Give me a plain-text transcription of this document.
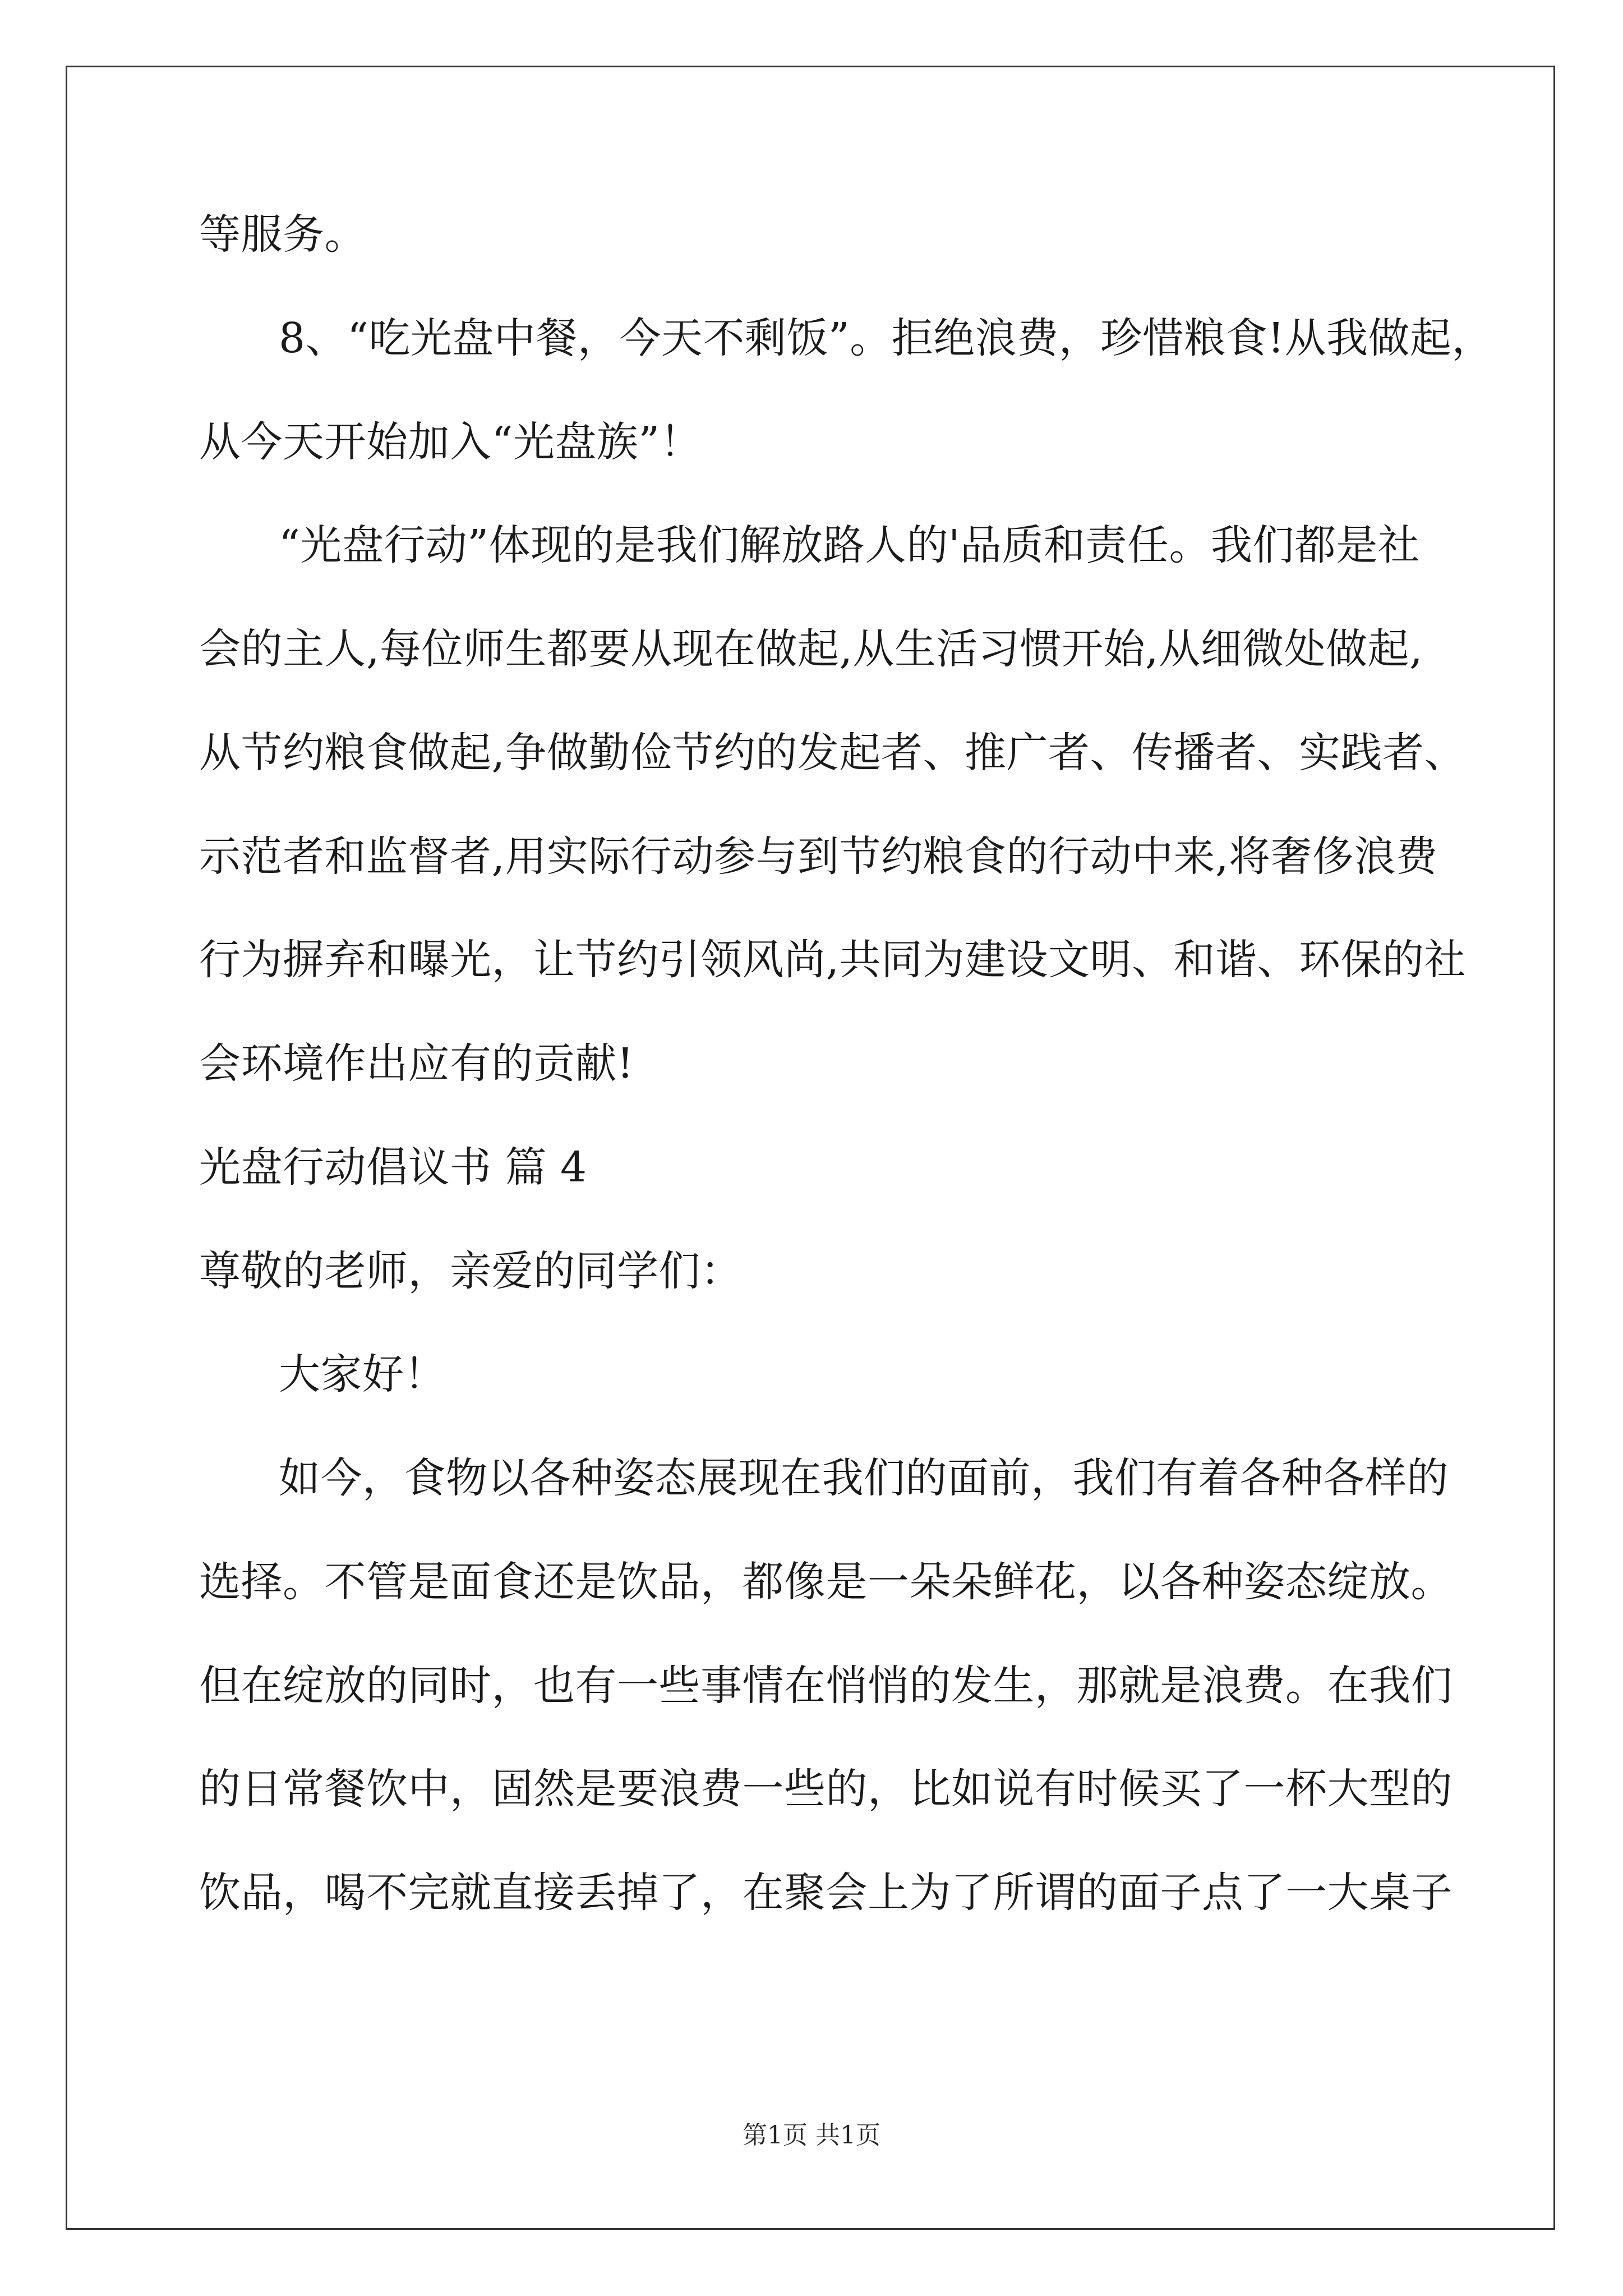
等服务。
8、“吃光盘中餐，今天不剩饭”。拒绝浪费，珍惜粮食!从我做起，
从今天开始加入“光盘族”！
“光盘行动”体现的是我们解放路人的'品质和责任。我们都是社
会的主人,每位师生都要从现在做起,从生活习惯开始,从细微处做起,
从节约粮食做起,争做勤俭节约的发起者、推广者、传播者、实践者、
示范者和监督者,用实际行动参与到节约粮食的行动中来,将奢侈浪费
行为摒弃和曝光，让节约引领风尚,共同为建设文明、和谐、环保的社
会环境作出应有的贡献!
光盘行动倡议书 篇 4
尊敬的老师，亲爱的同学们：
大家好！
如今，食物以各种姿态展现在我们的面前，我们有着各种各样的
选择。不管是面食还是饮品，都像是一朵朵鲜花，以各种姿态绽放。
但在绽放的同时，也有一些事情在悄悄的发生，那就是浪费。在我们
的日常餐饮中，固然是要浪费一些的，比如说有时候买了一杯大型的
饮品，喝不完就直接丢掉了，在聚会上为了所谓的面子点了一大桌子
第1页 共1页
